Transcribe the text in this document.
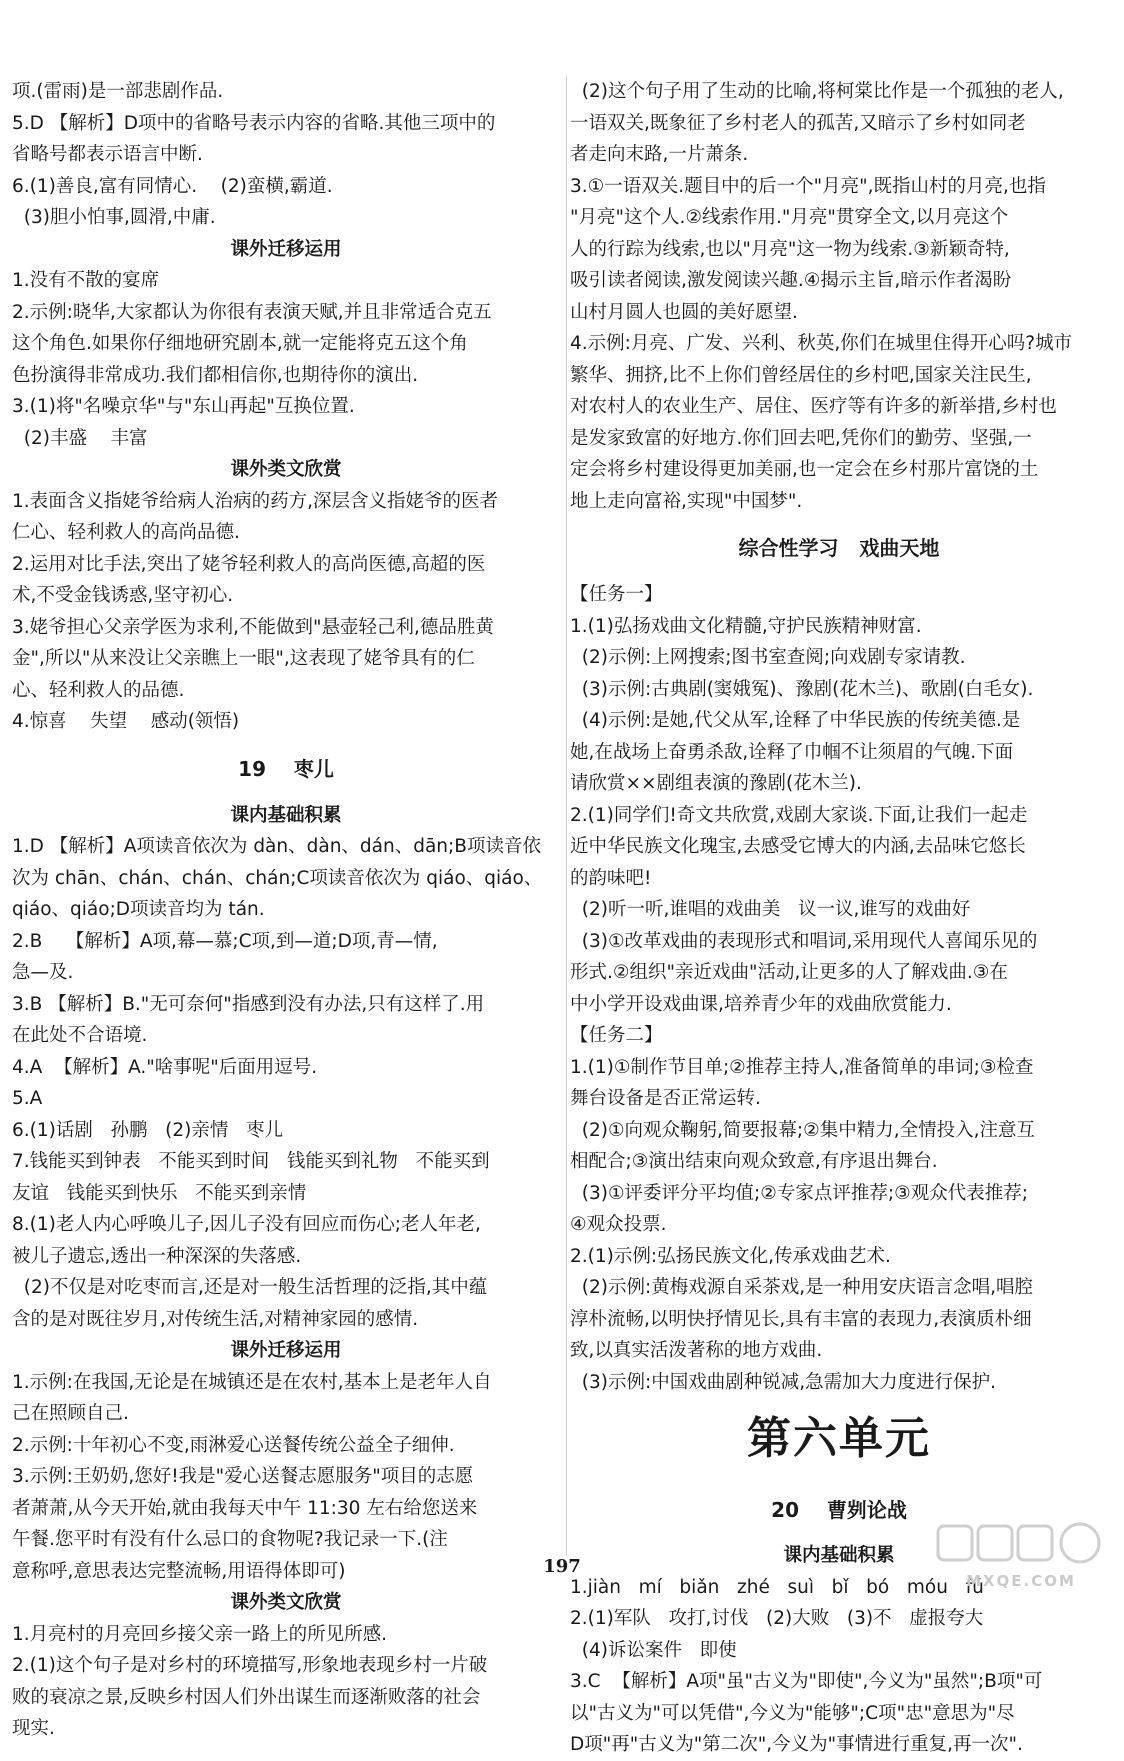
项.(雷雨)是一部悲剧作品.

5.D 【解析】D项中的省略号表示内容的省略.其他三项中的

省略号都表示语言中断.

6.(1)善良,富有同情心.    (2)蛮横,霸道.

(3)胆小怕事,圆滑,中庸.

课外迁移运用

1.没有不散的宴席

2.示例:晓华,大家都认为你很有表演天赋,并且非常适合克五

这个角色.如果你仔细地研究剧本,就一定能将克五这个角

色扮演得非常成功.我们都相信你,也期待你的演出.

3.(1)将"名噪京华"与"东山再起"互换位置.

(2)丰盛    丰富

课外类文欣赏

1.表面含义指姥爷给病人治病的药方,深层含义指姥爷的医者

仁心、轻利救人的高尚品德.

2.运用对比手法,突出了姥爷轻利救人的高尚医德,高超的医

术,不受金钱诱惑,坚守初心.

3.姥爷担心父亲学医为求利,不能做到"悬壶轻己利,德品胜黄

金",所以"从来没让父亲瞧上一眼",这表现了姥爷具有的仁

心、轻利救人的品德.

4.惊喜    失望    感动(领悟)

19    枣儿

课内基础积累

1.D 【解析】A项读音依次为 dàn、dàn、dán、dān;B项读音依

次为 chān、chán、chán、chán;C项读音依次为 qiáo、qiáo、

qiáo、qiáo;D项读音均为 tán.

2.B    【解析】A项,幕—慕;C项,到—道;D项,青—情,

急—及.

3.B 【解析】B."无可奈何"指感到没有办法,只有这样了.用

在此处不合语境.

4.A  【解析】A."啥事呢"后面用逗号.

5.A

6.(1)话剧   孙鹏   (2)亲情   枣儿

7.钱能买到钟表   不能买到时间   钱能买到礼物   不能买到

友谊   钱能买到快乐   不能买到亲情

8.(1)老人内心呼唤儿子,因儿子没有回应而伤心;老人年老,

被儿子遗忘,透出一种深深的失落感.

(2)不仅是对吃枣而言,还是对一般生活哲理的泛指,其中蕴

含的是对既往岁月,对传统生活,对精神家园的感情.

课外迁移运用

1.示例:在我国,无论是在城镇还是在农村,基本上是老年人自

己在照顾自己.

2.示例:十年初心不变,雨淋爱心送餐传统公益全子细伸.

3.示例:王奶奶,您好!我是"爱心送餐志愿服务"项目的志愿

者萧萧,从今天开始,就由我每天中午 11:30 左右给您送来

午餐.您平时有没有什么忌口的食物呢?我记录一下.(注

意称呼,意思表达完整流畅,用语得体即可)

课外类文欣赏

1.月亮村的月亮回乡接父亲一路上的所见所感.

2.(1)这个句子是对乡村的环境描写,形象地表现乡村一片破

败的衰凉之景,反映乡村因人们外出谋生而逐渐败落的社会

现实.

(2)这个句子用了生动的比喻,将柯棠比作是一个孤独的老人,

一语双关,既象征了乡村老人的孤苦,又暗示了乡村如同老

者走向末路,一片萧条.

3.①一语双关.题目中的后一个"月亮",既指山村的月亮,也指

"月亮"这个人.②线索作用."月亮"贯穿全文,以月亮这个

人的行踪为线索,也以"月亮"这一物为线索.③新颖奇特,

吸引读者阅读,激发阅读兴趣.④揭示主旨,暗示作者渴盼

山村月圆人也圆的美好愿望.

4.示例:月亮、广发、兴利、秋英,你们在城里住得开心吗?城市

繁华、拥挤,比不上你们曾经居住的乡村吧,国家关注民生,

对农村人的农业生产、居住、医疗等有许多的新举措,乡村也

是发家致富的好地方.你们回去吧,凭你们的勤劳、坚强,一

定会将乡村建设得更加美丽,也一定会在乡村那片富饶的土

地上走向富裕,实现"中国梦".

综合性学习   戏曲天地

【任务一】

1.(1)弘扬戏曲文化精髓,守护民族精神财富.

(2)示例:上网搜索;图书室查阅;向戏剧专家请教.

(3)示例:古典剧(窦娥冤)、豫剧(花木兰)、歌剧(白毛女).

(4)示例:是她,代父从军,诠释了中华民族的传统美德.是

她,在战场上奋勇杀敌,诠释了巾帼不让须眉的气魄.下面

请欣赏××剧组表演的豫剧(花木兰).

2.(1)同学们!奇文共欣赏,戏剧大家谈.下面,让我们一起走

近中华民族文化瑰宝,去感受它博大的内涵,去品味它悠长

的韵味吧!

(2)听一听,谁唱的戏曲美   议一议,谁写的戏曲好

(3)①改革戏曲的表现形式和唱词,采用现代人喜闻乐见的

形式.②组织"亲近戏曲"活动,让更多的人了解戏曲.③在

中小学开设戏曲课,培养青少年的戏曲欣赏能力.

【任务二】

1.(1)①制作节目单;②推荐主持人,准备简单的串词;③检查

舞台设备是否正常运转.

(2)①向观众鞠躬,简要报幕;②集中精力,全情投入,注意互

相配合;③演出结束向观众致意,有序退出舞台.

(3)①评委评分平均值;②专家点评推荐;③观众代表推荐;

④观众投票.

2.(1)示例:弘扬民族文化,传承戏曲艺术.

(2)示例:黄梅戏源自采茶戏,是一种用安庆语言念唱,唱腔

淳朴流畅,以明快抒情见长,具有丰富的表现力,表演质朴细

致,以真实活泼著称的地方戏曲.

(3)示例:中国戏曲剧种锐减,急需加大力度进行保护.

第六单元

20    曹刿论战

课内基础积累

1.jiàn   mí   biǎn   zhé   suì   bǐ   bó   móu   fú

2.(1)军队   攻打,讨伐   (2)大败   (3)不   虚报夸大

(4)诉讼案件   即使

3.C  【解析】A项"虽"古义为"即使",今义为"虽然";B项"可

以"古义为"可以凭借",今义为"能够";C项"忠"意思为"尽

D项"再"古义为"第二次",今义为"事情进行重复,再一次".

197
MXQE.COM
